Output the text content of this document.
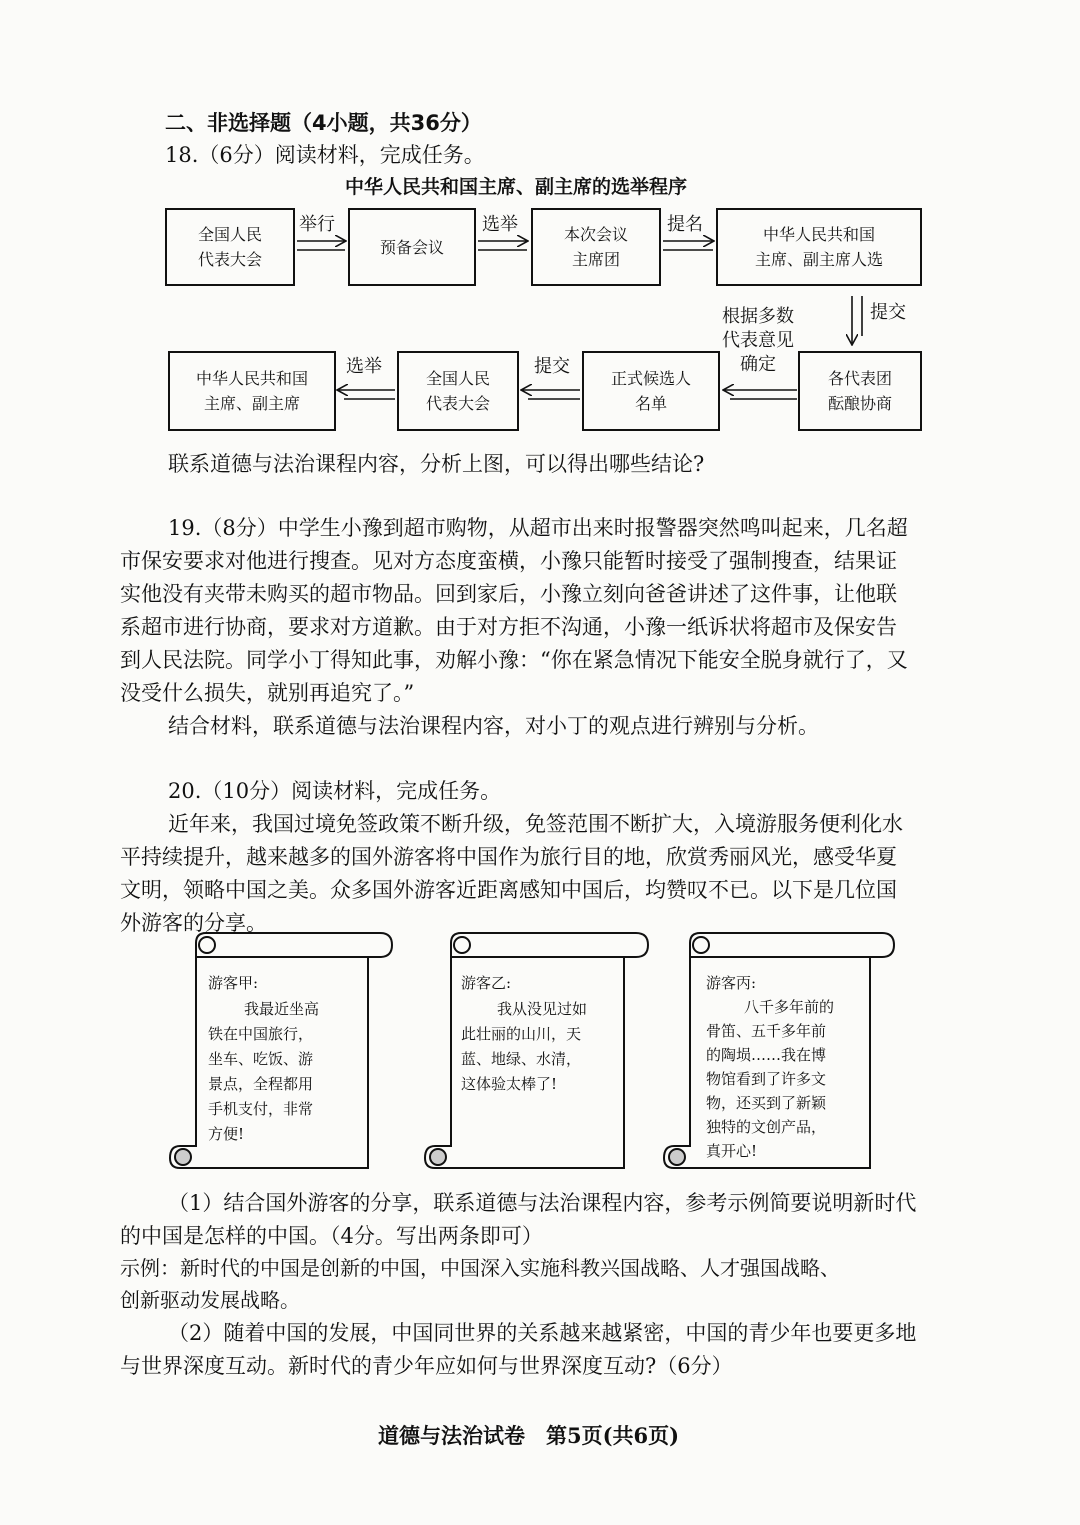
二、非选择题（4小题，共36分）
18.（6分）阅读材料，完成任务。
中华人民共和国主席、副主席的选举程序
全国人民
代表大会
预备会议
本次会议
主席团
中华人民共和国
主席、副主席人选
各代表团
酝酿协商
正式候选人
名单
全国人民
代表大会
中华人民共和国
主席、副主席
举行	选举	提名
提交
根据多数
代表意见
确定
提交
选举
联系道德与法治课程内容，分析上图，可以得出哪些结论?
19.（8分）中学生小豫到超市购物，从超市出来时报警器突然鸣叫起来，几名超
市保安要求对他进行搜查。见对方态度蛮横，小豫只能暂时接受了强制搜查，结果证
实他没有夹带未购买的超市物品。回到家后，小豫立刻向爸爸讲述了这件事，让他联
系超市进行协商，要求对方道歉。由于对方拒不沟通，小豫一纸诉状将超市及保安告
到人民法院。同学小丁得知此事，劝解小豫：“你在紧急情况下能安全脱身就行了，又
没受什么损失，就别再追究了。”
结合材料，联系道德与法治课程内容，对小丁的观点进行辨别与分析。
20.（10分）阅读材料，完成任务。
近年来，我国过境免签政策不断升级，免签范围不断扩大，入境游服务便利化水
平持续提升，越来越多的国外游客将中国作为旅行目的地，欣赏秀丽风光，感受华夏
文明，领略中国之美。众多国外游客近距离感知中国后，均赞叹不已。以下是几位国
外游客的分享。
游客甲:
我最近坐高
铁在中国旅行，
坐车、吃饭、游
景点，全程都用
手机支付，非常
方便!
游客乙:
我从没见过如
此壮丽的山川，天
蓝、地绿、水清，
这体验太棒了!
游客丙:
八千多年前的
骨笛、五千多年前
的陶埙……我在博
物馆看到了许多文
物，还买到了新颖
独特的文创产品，
真开心!
（1）结合国外游客的分享，联系道德与法治课程内容，参考示例简要说明新时代
的中国是怎样的中国。（4分。写出两条即可）
示例：新时代的中国是创新的中国，中国深入实施科教兴国战略、人才强国战略、
创新驱动发展战略。
（2）随着中国的发展，中国同世界的关系越来越紧密，中国的青少年也要更多地
与世界深度互动。新时代的青少年应如何与世界深度互动?（6分）
道德与法治试卷　第5页(共6页)
